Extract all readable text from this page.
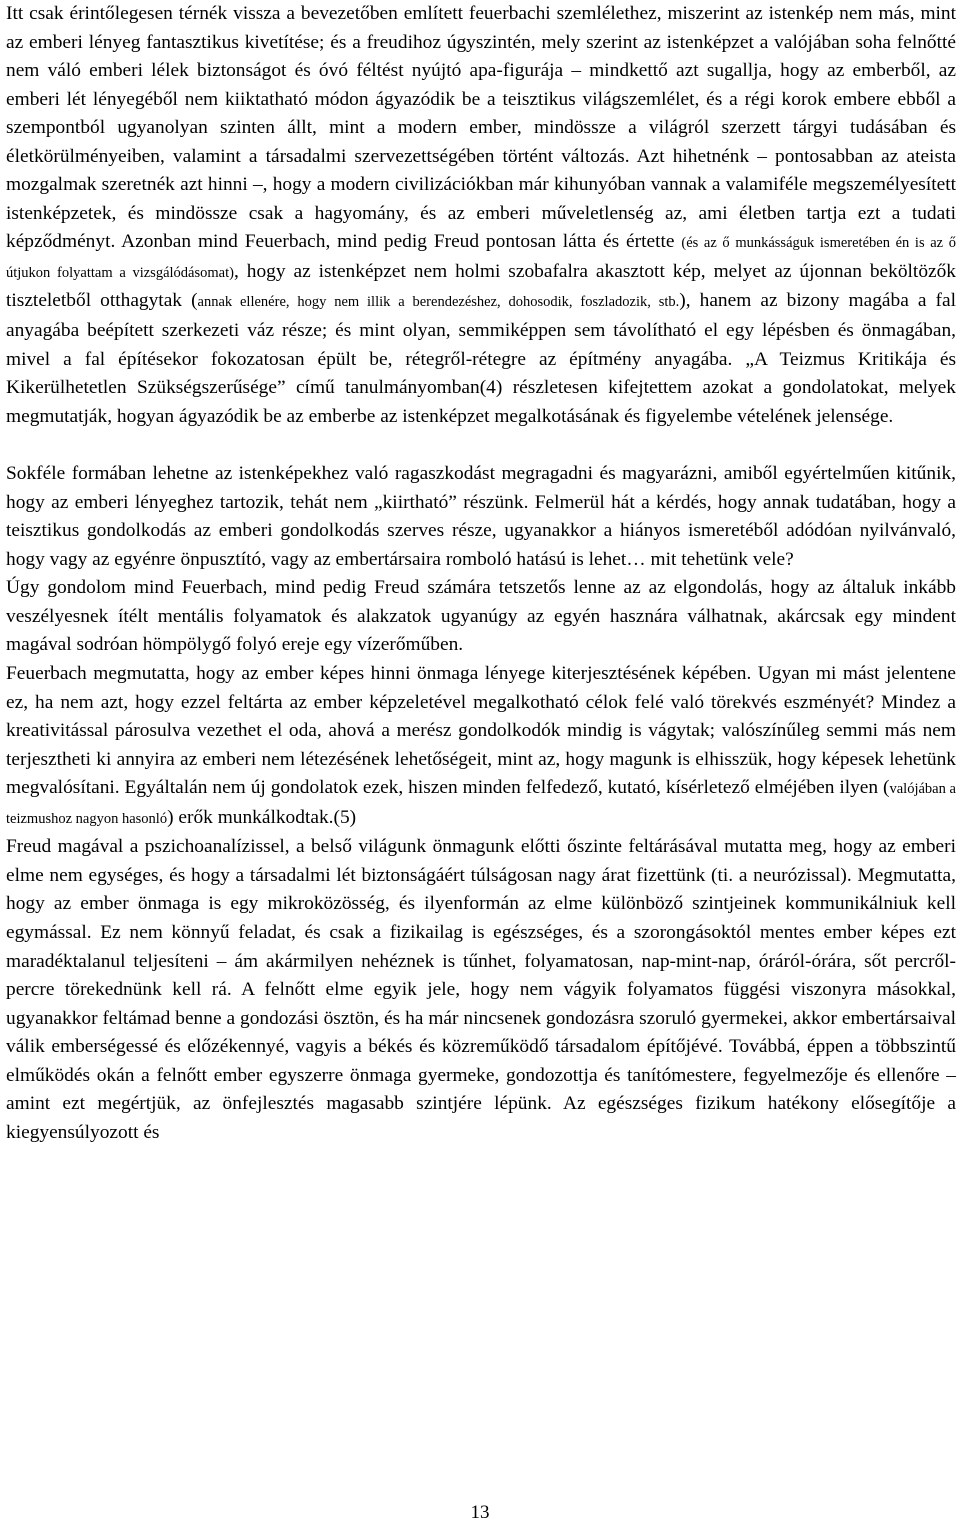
Itt csak érintőlegesen térnék vissza a bevezetőben említett feuerbachi szemlélethez, miszerint az istenkép nem más, mint az emberi lényeg fantasztikus kivetítése; és a freudihoz úgyszintén, mely szerint az istenképzet a valójában soha felnőtté nem váló emberi lélek biztonságot és óvó féltést nyújtó apa-figurája – mindkettő azt sugallja, hogy az emberből, az emberi lét lényegéből nem kiiktatható módon ágyazódik be a teisztikus világszemlélet, és a régi korok embere ebből a szempontból ugyanolyan szinten állt, mint a modern ember, mindössze a világról szerzett tárgyi tudásában és életkörülményeiben, valamint a társadalmi szervezettségében történt változás. Azt hihetnénk – pontosabban az ateista mozgalmak szeretnék azt hinni –, hogy a modern civilizációkban már kihunyóban vannak a valamiféle megszemélyesített istenképzetek, és mindössze csak a hagyomány, és az emberi műveletlenség az, ami életben tartja ezt a tudati képződményt. Azonban mind Feuerbach, mind pedig Freud pontosan látta és értette (és az ő munkásságuk ismeretében én is az ő útjukon folyattam a vizsgálódásomat), hogy az istenképzet nem holmi szobafalra akasztott kép, melyet az újonnan beköltözők tiszteletből otthagytak (annak ellenére, hogy nem illik a berendezéshez, dohosodik, foszladozik, stb.), hanem az bizony magába a fal anyagába beépített szerkezeti váz része; és mint olyan, semmiképpen sem távolítható el egy lépésben és önmagában, mivel a fal építésekor fokozatosan épült be, rétegről-rétegre az építmény anyagába. „A Teizmus Kritikája és Kikerülhetetlen Szükségszerűsége” című tanulmányomban(4) részletesen kifejtettem azokat a gondolatokat, melyek megmutatják, hogyan ágyazódik be az emberbe az istenképzet megalkotásának és figyelembe vételének jelensége.

Sokféle formában lehetne az istenképekhez való ragaszkodást megragadni és magyarázni, amiből egyértelműen kitűnik, hogy az emberi lényeghez tartozik, tehát nem „kiirtható” részünk. Felmerül hát a kérdés, hogy annak tudatában, hogy a teisztikus gondolkodás az emberi gondolkodás szerves része, ugyanakkor a hiányos ismeretéből adódóan nyilvánvaló, hogy vagy az egyénre önpusztító, vagy az embertársaira romboló hatású is lehet… mit tehetünk vele?

Úgy gondolom mind Feuerbach, mind pedig Freud számára tetszetős lenne az az elgondolás, hogy az általuk inkább veszélyesnek ítélt mentális folyamatok és alakzatok ugyanúgy az egyén hasznára válhatnak, akárcsak egy mindent magával sodróan hömpölygő folyó ereje egy vízerőműben.

Feuerbach megmutatta, hogy az ember képes hinni önmaga lényege kiterjesztésének képében. Ugyan mi mást jelentene ez, ha nem azt, hogy ezzel feltárta az ember képzeletével megalkotható célok felé való törekvés eszményét? Mindez a kreativitással párosulva vezethet el oda, ahová a merész gondolkodók mindig is vágytak; valószínűleg semmi más nem terjesztheti ki annyira az emberi nem létezésének lehetőségeit, mint az, hogy magunk is elhisszük, hogy képesek lehetünk megvalósítani. Egyáltalán nem új gondolatok ezek, hiszen minden felfedező, kutató, kísérletező elméjében ilyen (valójában a teizmushoz nagyon hasonló) erők munkálkodtak.(5)

Freud magával a pszichoanalízissel, a belső világunk önmagunk előtti őszinte feltárásával mutatta meg, hogy az emberi elme nem egységes, és hogy a társadalmi lét biztonságáért túlságosan nagy árat fizettünk (ti. a neurózissal). Megmutatta, hogy az ember önmaga is egy mikroközösség, és ilyenformán az elme különböző szintjeinek kommunikálniuk kell egymással. Ez nem könnyű feladat, és csak a fizikailag is egészséges, és a szorongásoktól mentes ember képes ezt maradéktalanul teljesíteni – ám akármilyen nehéznek is tűnhet, folyamatosan, nap-mint-nap, óráról-órára, sőt percről-percre törekednünk kell rá. A felnőtt elme egyik jele, hogy nem vágyik folyamatos függési viszonyra másokkal, ugyanakkor feltámad benne a gondozási ösztön, és ha már nincsenek gondozásra szoruló gyermekei, akkor embertársaival válik emberségessé és előzékennyé, vagyis a békés és közreműködő társadalom építőjévé. Továbbá, éppen a többszintű elműködés okán a felnőtt ember egyszerre önmaga gyermeke, gondozottja és tanítómestere, fegyelmezője és ellenőre – amint ezt megértjük, az önfejlesztés magasabb szintjére lépünk. Az egészséges fizikum hatékony elősegítője a kiegyensúlyozott és

13
